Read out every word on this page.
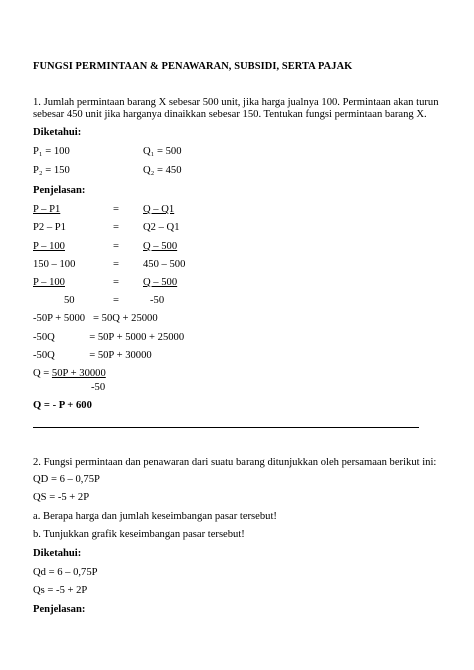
FUNGSI PERMINTAAN & PENAWARAN, SUBSIDI, SERTA PAJAK
1. Jumlah permintaan barang X sebesar 500 unit, jika harga jualnya 100. Permintaan akan turun
sebesar 450 unit jika harganya dinaikkan sebesar 150. Tentukan fungsi permintaan barang X.
Diketahui:
P₁ = 100	Q₁ = 500
P₂ = 150	Q₂ = 450
Penjelasan:
P – P1	= Q – Q1
P2 – P1	= Q2 – Q1
P – 100	= Q – 500
150 – 100	= 450 – 500
P – 100	= Q – 500
50	=	-50
-50P + 5000   = 50Q + 25000
-50Q             = 50P + 5000 + 25000
-50Q             = 50P + 30000
Q = 50P + 30000
-50
Q = - P + 600
2. Fungsi permintaan dan penawaran dari suatu barang ditunjukkan oleh persamaan berikut ini:
QD = 6 – 0,75P
QS = -5 + 2P
a. Berapa harga dan jumlah keseimbangan pasar tersebut!
b. Tunjukkan grafik keseimbangan pasar tersebut!
Diketahui:
Qd = 6 – 0,75P
Qs = -5 + 2P
Penjelasan:
